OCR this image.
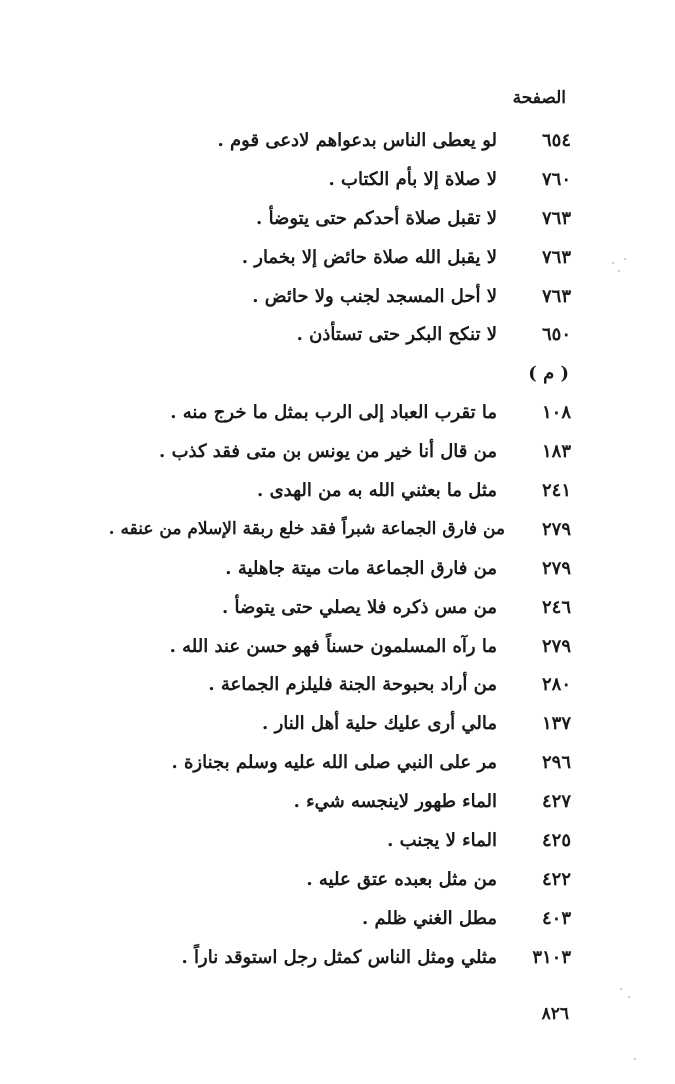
الصفحة
٦٥٤
لو يعطى الناس بدعواهم لادعى قوم .
٧٦٠
لا صلاة إلا بأم الكتاب .
٧٦٣
لا تقبل صلاة أحدكم حتى يتوضأ .
٧٦٣
لا يقبل الله صلاة حائض إلا بخمار .
٧٦٣
لا أحل المسجد لجنب ولا حائض .
٦٥٠
لا تنكح البكر حتى تستأذن .
( م )
١٠٨
ما تقرب العباد إلى الرب بمثل ما خرج منه .
١٨٣
من قال أنا خير من يونس بن متى فقد كذب .
٢٤١
مثل ما بعثني الله به من الهدى .
٢٧٩
من فارق الجماعة شبراً فقد خلع ربقة الإسلام من عنقه .
٢٧٩
من فارق الجماعة مات ميتة جاهلية .
٢٤٦
من مس ذكره فلا يصلي حتى يتوضأ .
٢٧٩
ما رآه المسلمون حسناً فهو حسن عند الله .
٢٨٠
من أراد بحبوحة الجنة فليلزم الجماعة .
١٣٧
مالي أرى عليك حلية أهل النار .
٢٩٦
مر على النبي صلى الله عليه وسلم بجنازة .
٤٢٧
الماء طهور لاينجسه شيء .
٤٢٥
الماء لا يجنب .
٤٢٢
من مثل بعبده عتق عليه .
٤٠٣
مطل الغني ظلم .
٣١٠٣
مثلي ومثل الناس كمثل رجل استوقد ناراً .
٨٢٦
